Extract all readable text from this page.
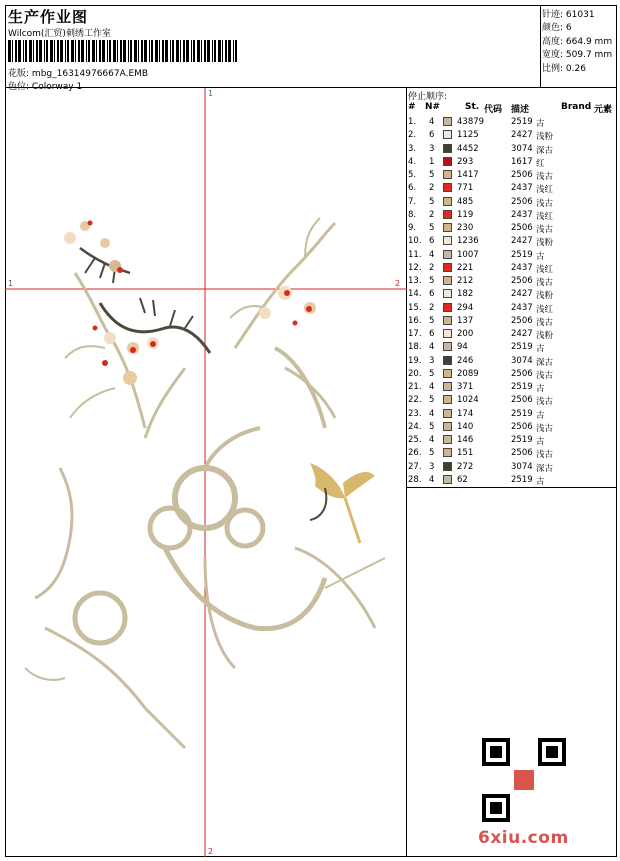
生产作业图
Wilcom(汇贸)刺绣工作室
花版: mbg_16314976667A.EMB
色位: Colorway 1
针迹: 61031
颜色: 6
高度: 664.9 mm
宽度: 509.7 mm
比例: 0.26
1
1	2
2
停止顺序:
# N#	St. 代码 描述	Brand 元素
1. 4	43879	2519 古
2. 6	1125	2427 浅粉
3. 3	4452	3074 深古
4. 1	293	1617 红
5. 5	1417	2506 浅古
6. 2	771	2437 浅红
7. 5	485	2506 浅古
8. 2	119	2437 浅红
9. 5	230	2506 浅古
10. 6	1236	2427 浅粉
11. 4	1007	2519 古
12. 2	221	2437 浅红
13. 5	212	2506 浅古
14. 6	182	2427 浅粉
15. 2	294	2437 浅红
16. 5	137	2506 浅古
17. 6	200	2427 浅粉
18. 4	94	2519 古
19. 3	246	3074 深古
20. 5	2089	2506 浅古
21. 4	371	2519 古
22. 5	1024	2506 浅古
23. 4	174	2519 古
24. 5	140	2506 浅古
25. 4	146	2519 古
26. 5	151	2506 浅古
27. 3	272	3074 深古
28. 4	62	2519 古
6xiu.com
